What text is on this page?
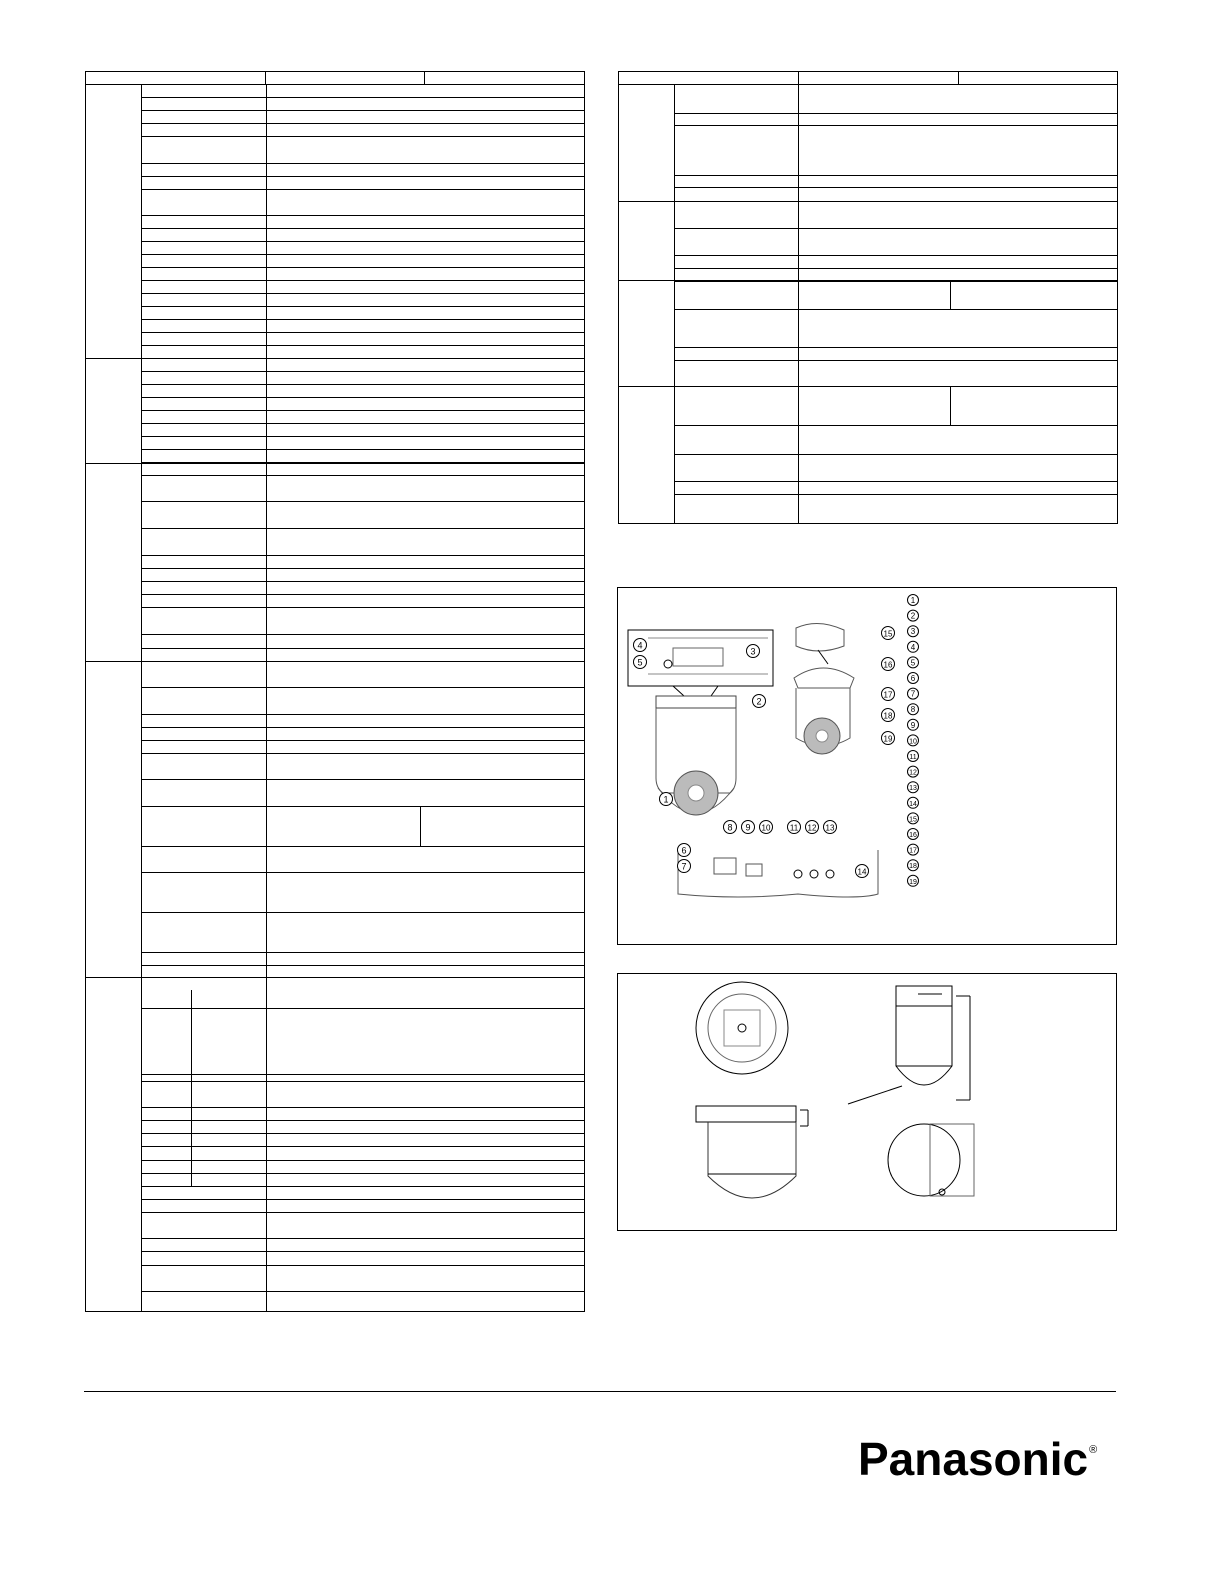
1
2
3
4
5
6
7
8 9 10 11 12 13
14
15
16
17
18
19
1
2
3
4
5
6
7
8
9
10
11
12
13
14
15
16
17
18
19
Panasonic®
